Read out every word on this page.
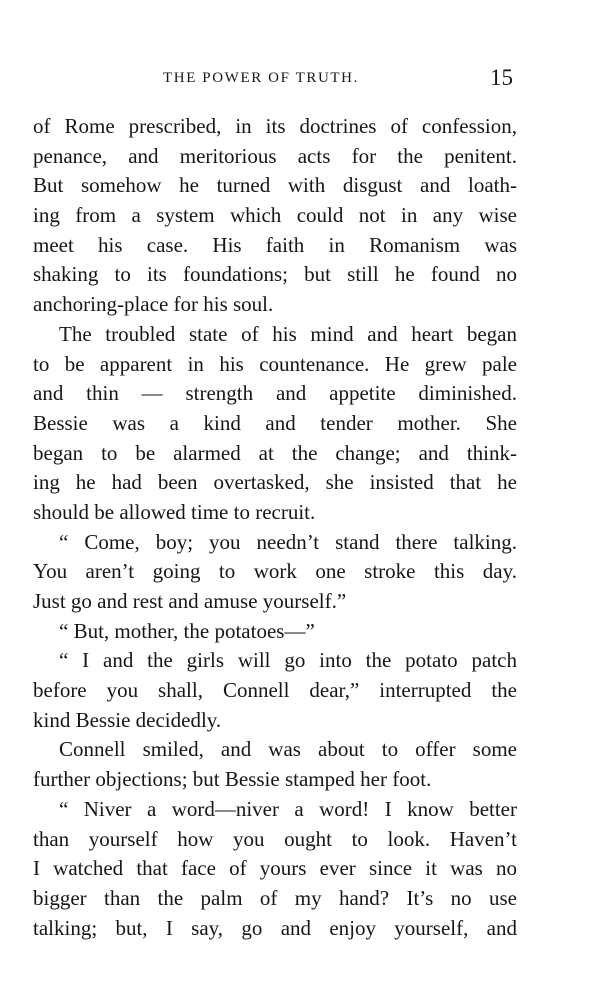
THE POWER OF TRUTH.	15
of Rome prescribed, in its doctrines of confession,
penance, and meritorious acts for the penitent.
But somehow he turned with disgust and loath-
ing from a system which could not in any wise
meet his case. His faith in Romanism was
shaking to its foundations; but still he found no
anchoring-place for his soul.
The troubled state of his mind and heart began
to be apparent in his countenance. He grew pale
and thin — strength and appetite diminished.
Bessie was a kind and tender mother. She
began to be alarmed at the change; and think-
ing he had been overtasked, she insisted that he
should be allowed time to recruit.
“ Come, boy; you needn’t stand there talking.
You aren’t going to work one stroke this day.
Just go and rest and amuse yourself.”
“ But, mother, the potatoes—”
“ I and the girls will go into the potato patch
before you shall, Connell dear,” interrupted the
kind Bessie decidedly.
Connell smiled, and was about to offer some
further objections; but Bessie stamped her foot.
“ Niver a word—niver a word! I know better
than yourself how you ought to look. Haven’t
I watched that face of yours ever since it was no
bigger than the palm of my hand? It’s no use
talking; but, I say, go and enjoy yourself, and
